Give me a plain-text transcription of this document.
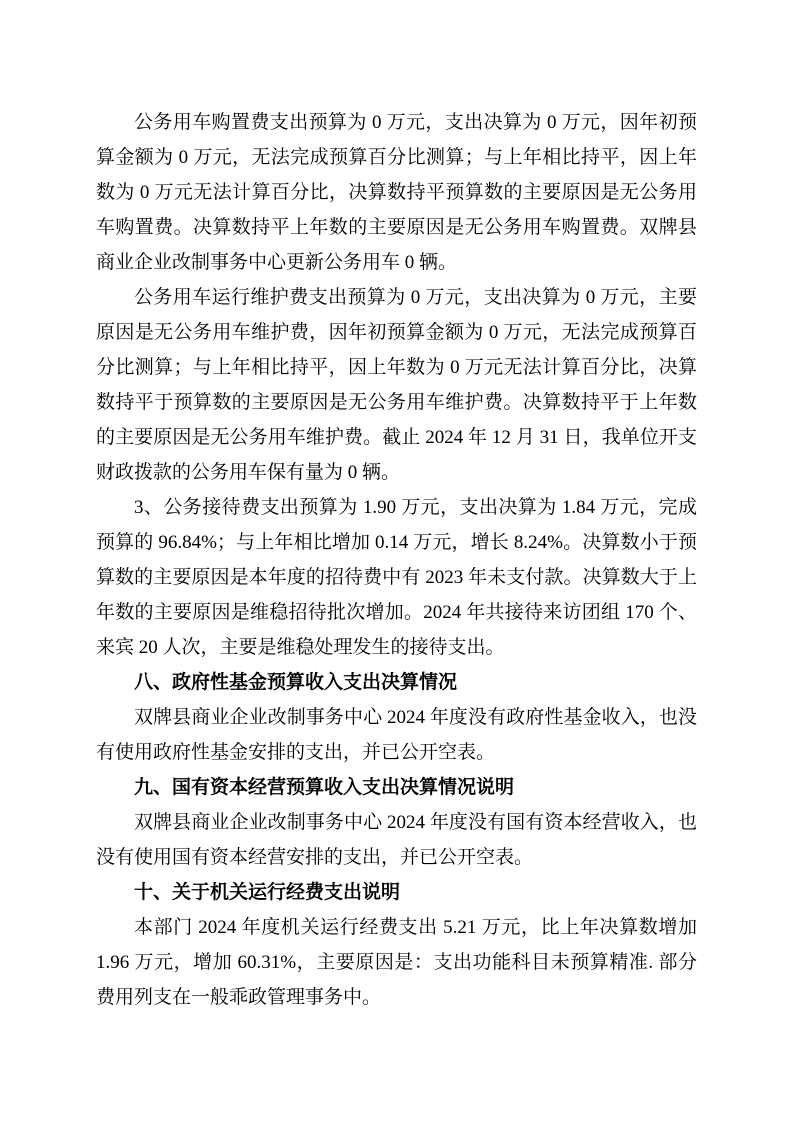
公务用车购置费支出预算为 0 万元，支出决算为 0 万元，因年初预算金额为 0 万元，无法完成预算百分比测算；与上年相比持平，因上年数为 0 万元无法计算百分比，决算数持平预算数的主要原因是无公务用车购置费。决算数持平上年数的主要原因是无公务用车购置费。双牌县商业企业改制事务中心更新公务用车 0 辆。

公务用车运行维护费支出预算为 0 万元，支出决算为 0 万元，主要原因是无公务用车维护费，因年初预算金额为 0 万元，无法完成预算百分比测算；与上年相比持平，因上年数为 0 万元无法计算百分比，决算数持平于预算数的主要原因是无公务用车维护费。决算数持平于上年数的主要原因是无公务用车维护费。截止 2024 年 12 月 31 日，我单位开支财政拨款的公务用车保有量为 0 辆。

3、公务接待费支出预算为 1.90 万元，支出决算为 1.84 万元，完成预算的 96.84%；与上年相比增加 0.14 万元，增长 8.24%。决算数小于预算数的主要原因是本年度的招待费中有 2023 年未支付款。决算数大于上年数的主要原因是维稳招待批次增加。2024 年共接待来访团组 170 个、来宾 20 人次，主要是维稳处理发生的接待支出。

八、政府性基金预算收入支出决算情况

双牌县商业企业改制事务中心 2024 年度没有政府性基金收入，也没有使用政府性基金安排的支出，并已公开空表。

九、国有资本经营预算收入支出决算情况说明

双牌县商业企业改制事务中心 2024 年度没有国有资本经营收入，也没有使用国有资本经营安排的支出，并已公开空表。

十、关于机关运行经费支出说明

本部门 2024 年度机关运行经费支出 5.21 万元，比上年决算数增加 1.96 万元，增加 60.31%，主要原因是：支出功能科目未预算精准. 部分费用列支在一般乖政管理事务中。
